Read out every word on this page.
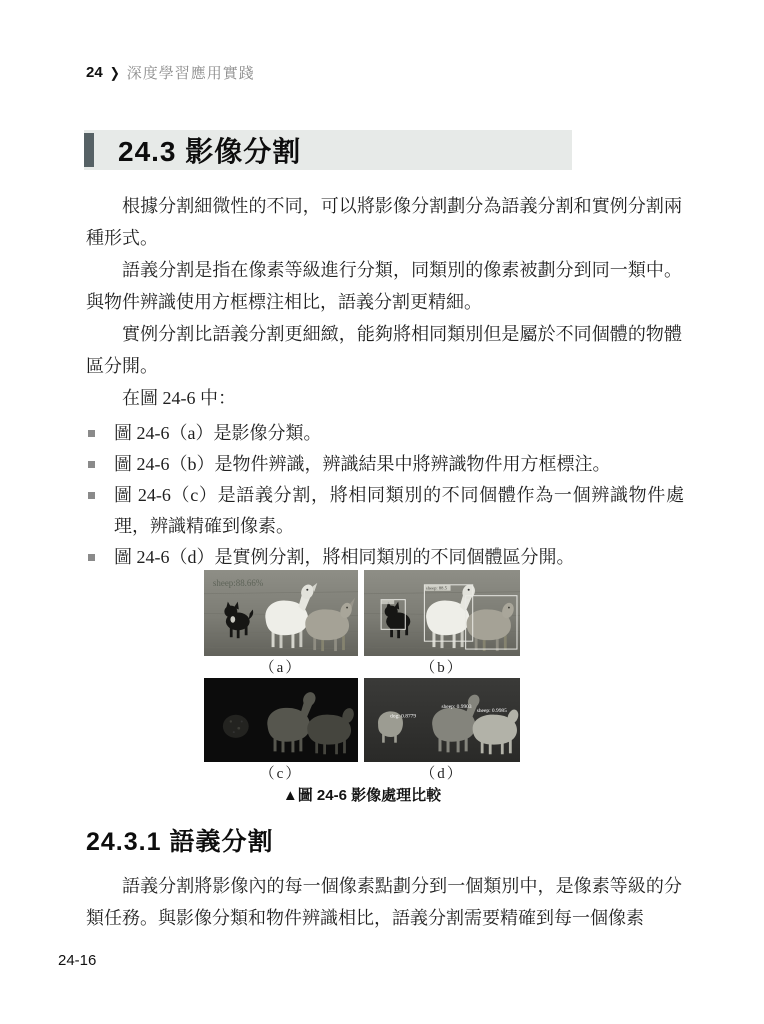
24 ❯ 深度學習應用實踐
24.3 影像分割
根據分割細微性的不同，可以將影像分割劃分為語義分割和實例分割兩種形式。
語義分割是指在像素等級進行分類，同類別的像素被劃分到同一類中。與物件辨識使用方框標注相比，語義分割更精細。
實例分割比語義分割更細緻，能夠將相同類別但是屬於不同個體的物體區分開。
在圖 24-6 中：
圖 24-6（a）是影像分類。
圖 24-6（b）是物件辨識，辨識結果中將辨識物件用方框標注。
圖 24-6（c）是語義分割，將相同類別的不同個體作為一個辨識物件處理，辨識精確到像素。
圖 24-6（d）是實例分割，將相同類別的不同個體區分開。
sheep:88.66%
sheep: 88.5
（a）	（b）
dog: 0.8779
sheep: 0.9903
sheep: 0.9985
（c）	（d）
▲圖 24-6 影像處理比較
24.3.1 語義分割
語義分割將影像內的每一個像素點劃分到一個類別中，是像素等級的分類任務。與影像分類和物件辨識相比，語義分割需要精確到每一個像素
24-16
